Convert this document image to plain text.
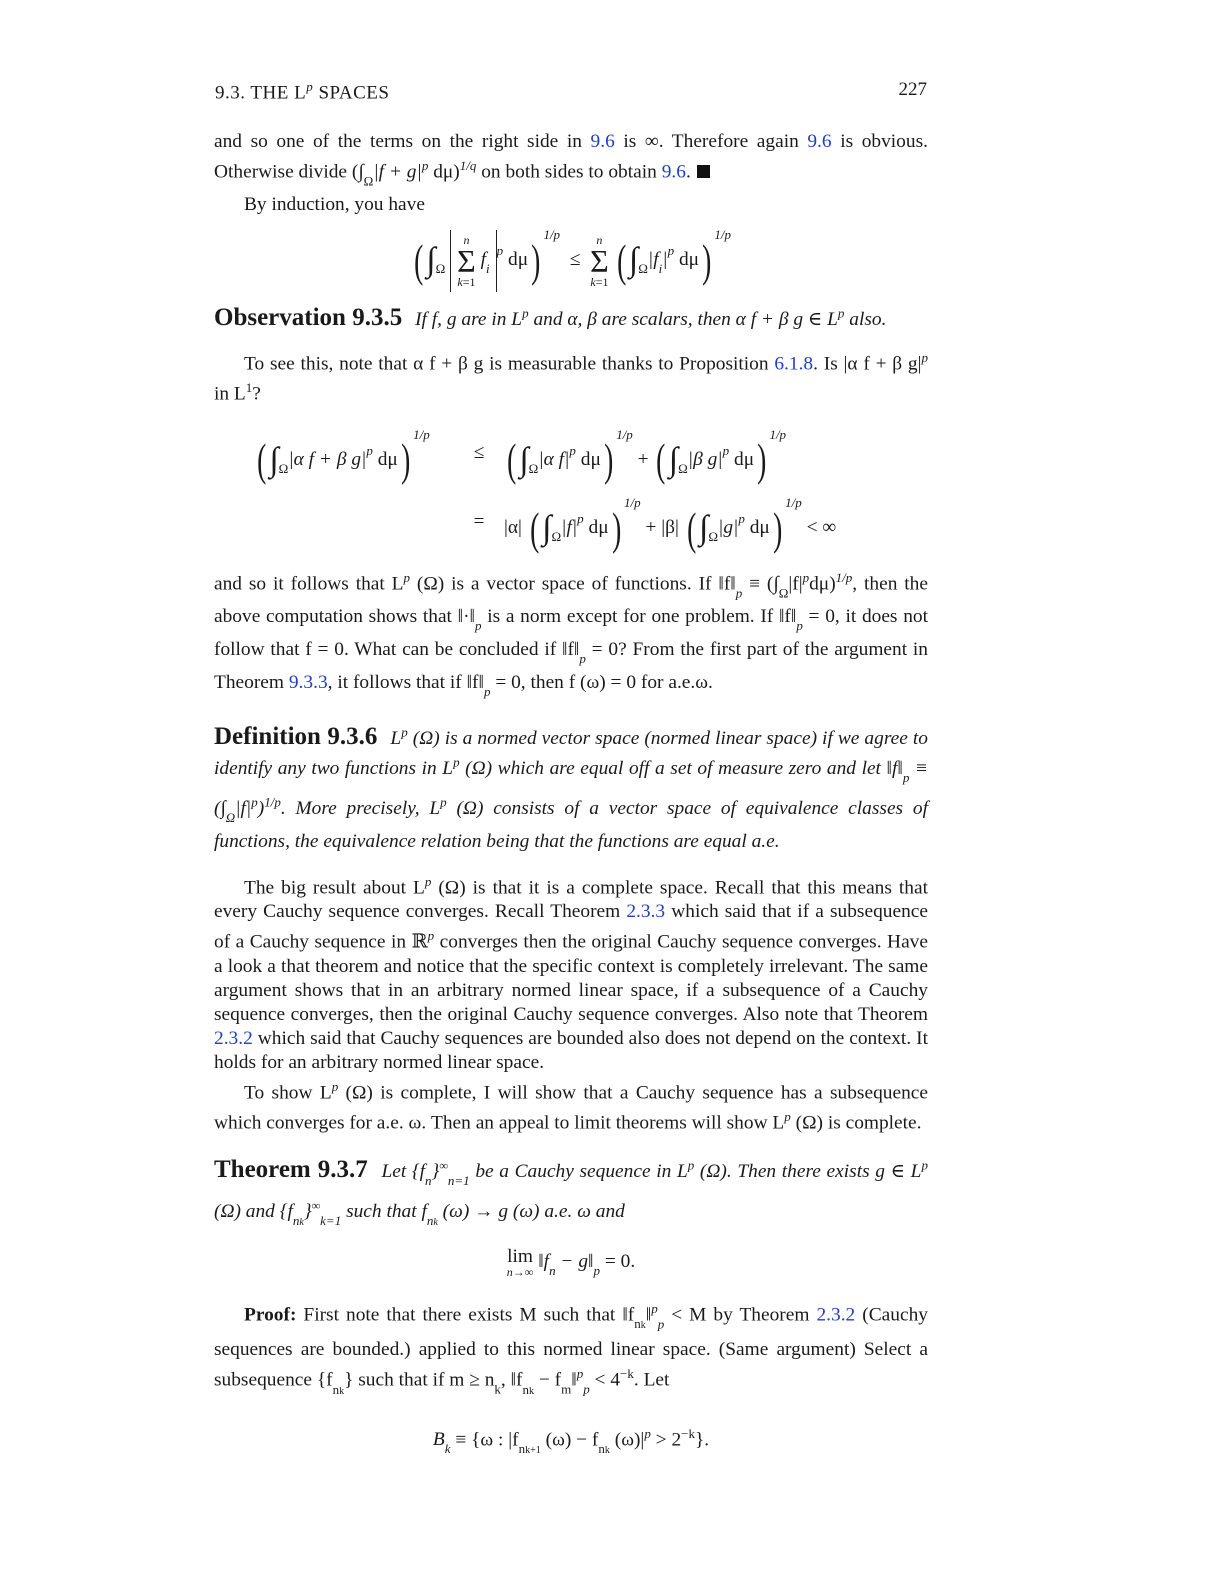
9.3. THE $L^p$ SPACES	227

and so one of the terms on the right side in 9.6 is ∞. Therefore again 9.6 is obvious. Otherwise divide ($\int_\Omega|f + g|^p$ dμ)$^{1/q}$ on both sides to obtain 9.6.

By induction, you have

($\int_\Omega$
n
Σ
k=1
$f_i^p$ dμ)$^{1/p}$  ≤
n
Σ
k=1 ($\int_\Omega|f_i|^p$ dμ)$^{1/p}$

Observation 9.3.5 If f, g are in $L^p$ and α, β are scalars, then α f + β g ∈ $L^p$ also.

To see this, note that α f + β g is measurable thanks to Proposition 6.1.8. Is |α f + β $g|^p$ in $L^1$?

($\int_\Omega|\alpha$ f + β $g|^p$ dμ)$^{1/p}$	≤	($\int_\Omega|\alpha$ $f|^p$ $d\mu)^{1/p} + (\int_\Omega|\beta$ $g|^p$ dμ)$^{1/p}$
	=	|α| ($\int_\Omega|f|^p$ dμ)$^{1/p}$ + |β| ($\int_\Omega|g|^p$ dμ)$^{1/p}$ < ∞

and so it follows that $L^p$ (Ω) is a vector space of functions. If $‖f‖_p \equiv (\int_\Omega|f|^pd\mu)^{1/p}$, then the above computation shows that $‖\cdot‖_p$ is a norm except for one problem. If $‖f‖_p = 0$, it does not follow that f = 0. What can be concluded if $‖f‖_p = 0$? From the first part of the argument in Theorem 9.3.3, it follows that if $‖f‖_p = 0$, then f (ω) = 0 for a.e.ω.

Definition 9.3.6 $L^p$ (Ω) is a normed vector space (normed linear space) if we agree to identify any two functions in $L^p$ (Ω) which are equal off a set of measure zero and let $‖f‖_p \equiv (\int_\Omega|f|^p)^{1/p}$. More precisely, $L^p$ (Ω) consists of a vector space of equivalence classes of functions, the equivalence relation being that the functions are equal a.e.

The big result about $L^p$ (Ω) is that it is a complete space. Recall that this means that every Cauchy sequence converges. Recall Theorem 2.3.3 which said that if a subsequence of a Cauchy sequence in ℝ$^p$ converges then the original Cauchy sequence converges. Have a look a that theorem and notice that the specific context is completely irrelevant. The same argument shows that in an arbitrary normed linear space, if a subsequence of a Cauchy sequence converges, then the original Cauchy sequence converges. Also note that Theorem 2.3.2 which said that Cauchy sequences are bounded also does not depend on the context. It holds for an arbitrary normed linear space.

To show $L^p$ (Ω) is complete, I will show that a Cauchy sequence has a subsequence which converges for a.e. ω. Then an appeal to limit theorems will show $L^p$ (Ω) is complete.

Theorem 9.3.7 Let $\{f_n\}^\infty_{n=1}$ be a Cauchy sequence in $L^p$ (Ω). Then there exists g ∈ $L^p$ (Ω) and $\{f_{nk}\}^\infty_{k=1}$ such that $f_{nk}$ (ω) → g (ω) a.e. ω and

lim
n→∞
$‖f_n$ − $g‖_p = 0$.

Proof: First note that there exists M such that $‖f_{nk}‖^p_p < M$ by Theorem 2.3.2 (Cauchy sequences are bounded.) applied to this normed linear space. (Same argument) Select a subsequence $\{f_{nk}\}$ such that if $m \ge n_k$, $‖f_{nk}$ − $f_m‖^p_p < 4^{-k}$. Let

$B_k \equiv \{\omega$ : $|f_{nk+1}$ $(\omega) - f_{nk}$ $(\omega)|^p > 2^{-k}$}.
